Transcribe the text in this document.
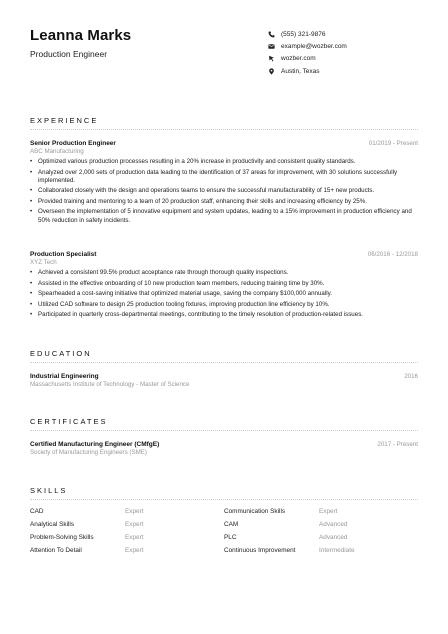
Leanna Marks
Production Engineer
(555) 321-9876
example@wozber.com
wozber.com
Austin, Texas
EXPERIENCE
Senior Production Engineer	01/2019 - Present
ABC Manufacturing
• Optimized various production processes resulting in a 20% increase in productivity and consistent quality standards.
• Analyzed over 2,000 sets of production data leading to the identification of 37 areas for improvement, with 30 solutions successfully implemented.
• Collaborated closely with the design and operations teams to ensure the successful manufacturability of 15+ new products.
• Provided training and mentoring to a team of 20 production staff, enhancing their skills and increasing efficiency by 25%.
• Overseen the implementation of 5 innovative equipment and system updates, leading to a 15% improvement in production efficiency and 50% reduction in safety incidents.
Production Specialist	06/2016 - 12/2018
XYZ Tech
• Achieved a consistent 99.5% product acceptance rate through thorough quality inspections.
• Assisted in the effective onboarding of 10 new production team members, reducing training time by 30%.
• Spearheaded a cost-saving initiative that optimized material usage, saving the company $100,000 annually.
• Utilized CAD software to design 25 production tooling fixtures, improving production line efficiency by 10%.
• Participated in quarterly cross-departmental meetings, contributing to the timely resolution of production-related issues.
EDUCATION
Industrial Engineering	2016
Massachusetts Institute of Technology - Master of Science
CERTIFICATES
Certified Manufacturing Engineer (CMfgE)	2017 - Present
Society of Manufacturing Engineers (SME)
SKILLS
CAD	Expert	Communication Skills	Expert
Analytical Skills	Expert	CAM	Advanced
Problem-Solving Skills	Expert	PLC	Advanced
Attention To Detail	Expert	Continuous Improvement	Intermediate
